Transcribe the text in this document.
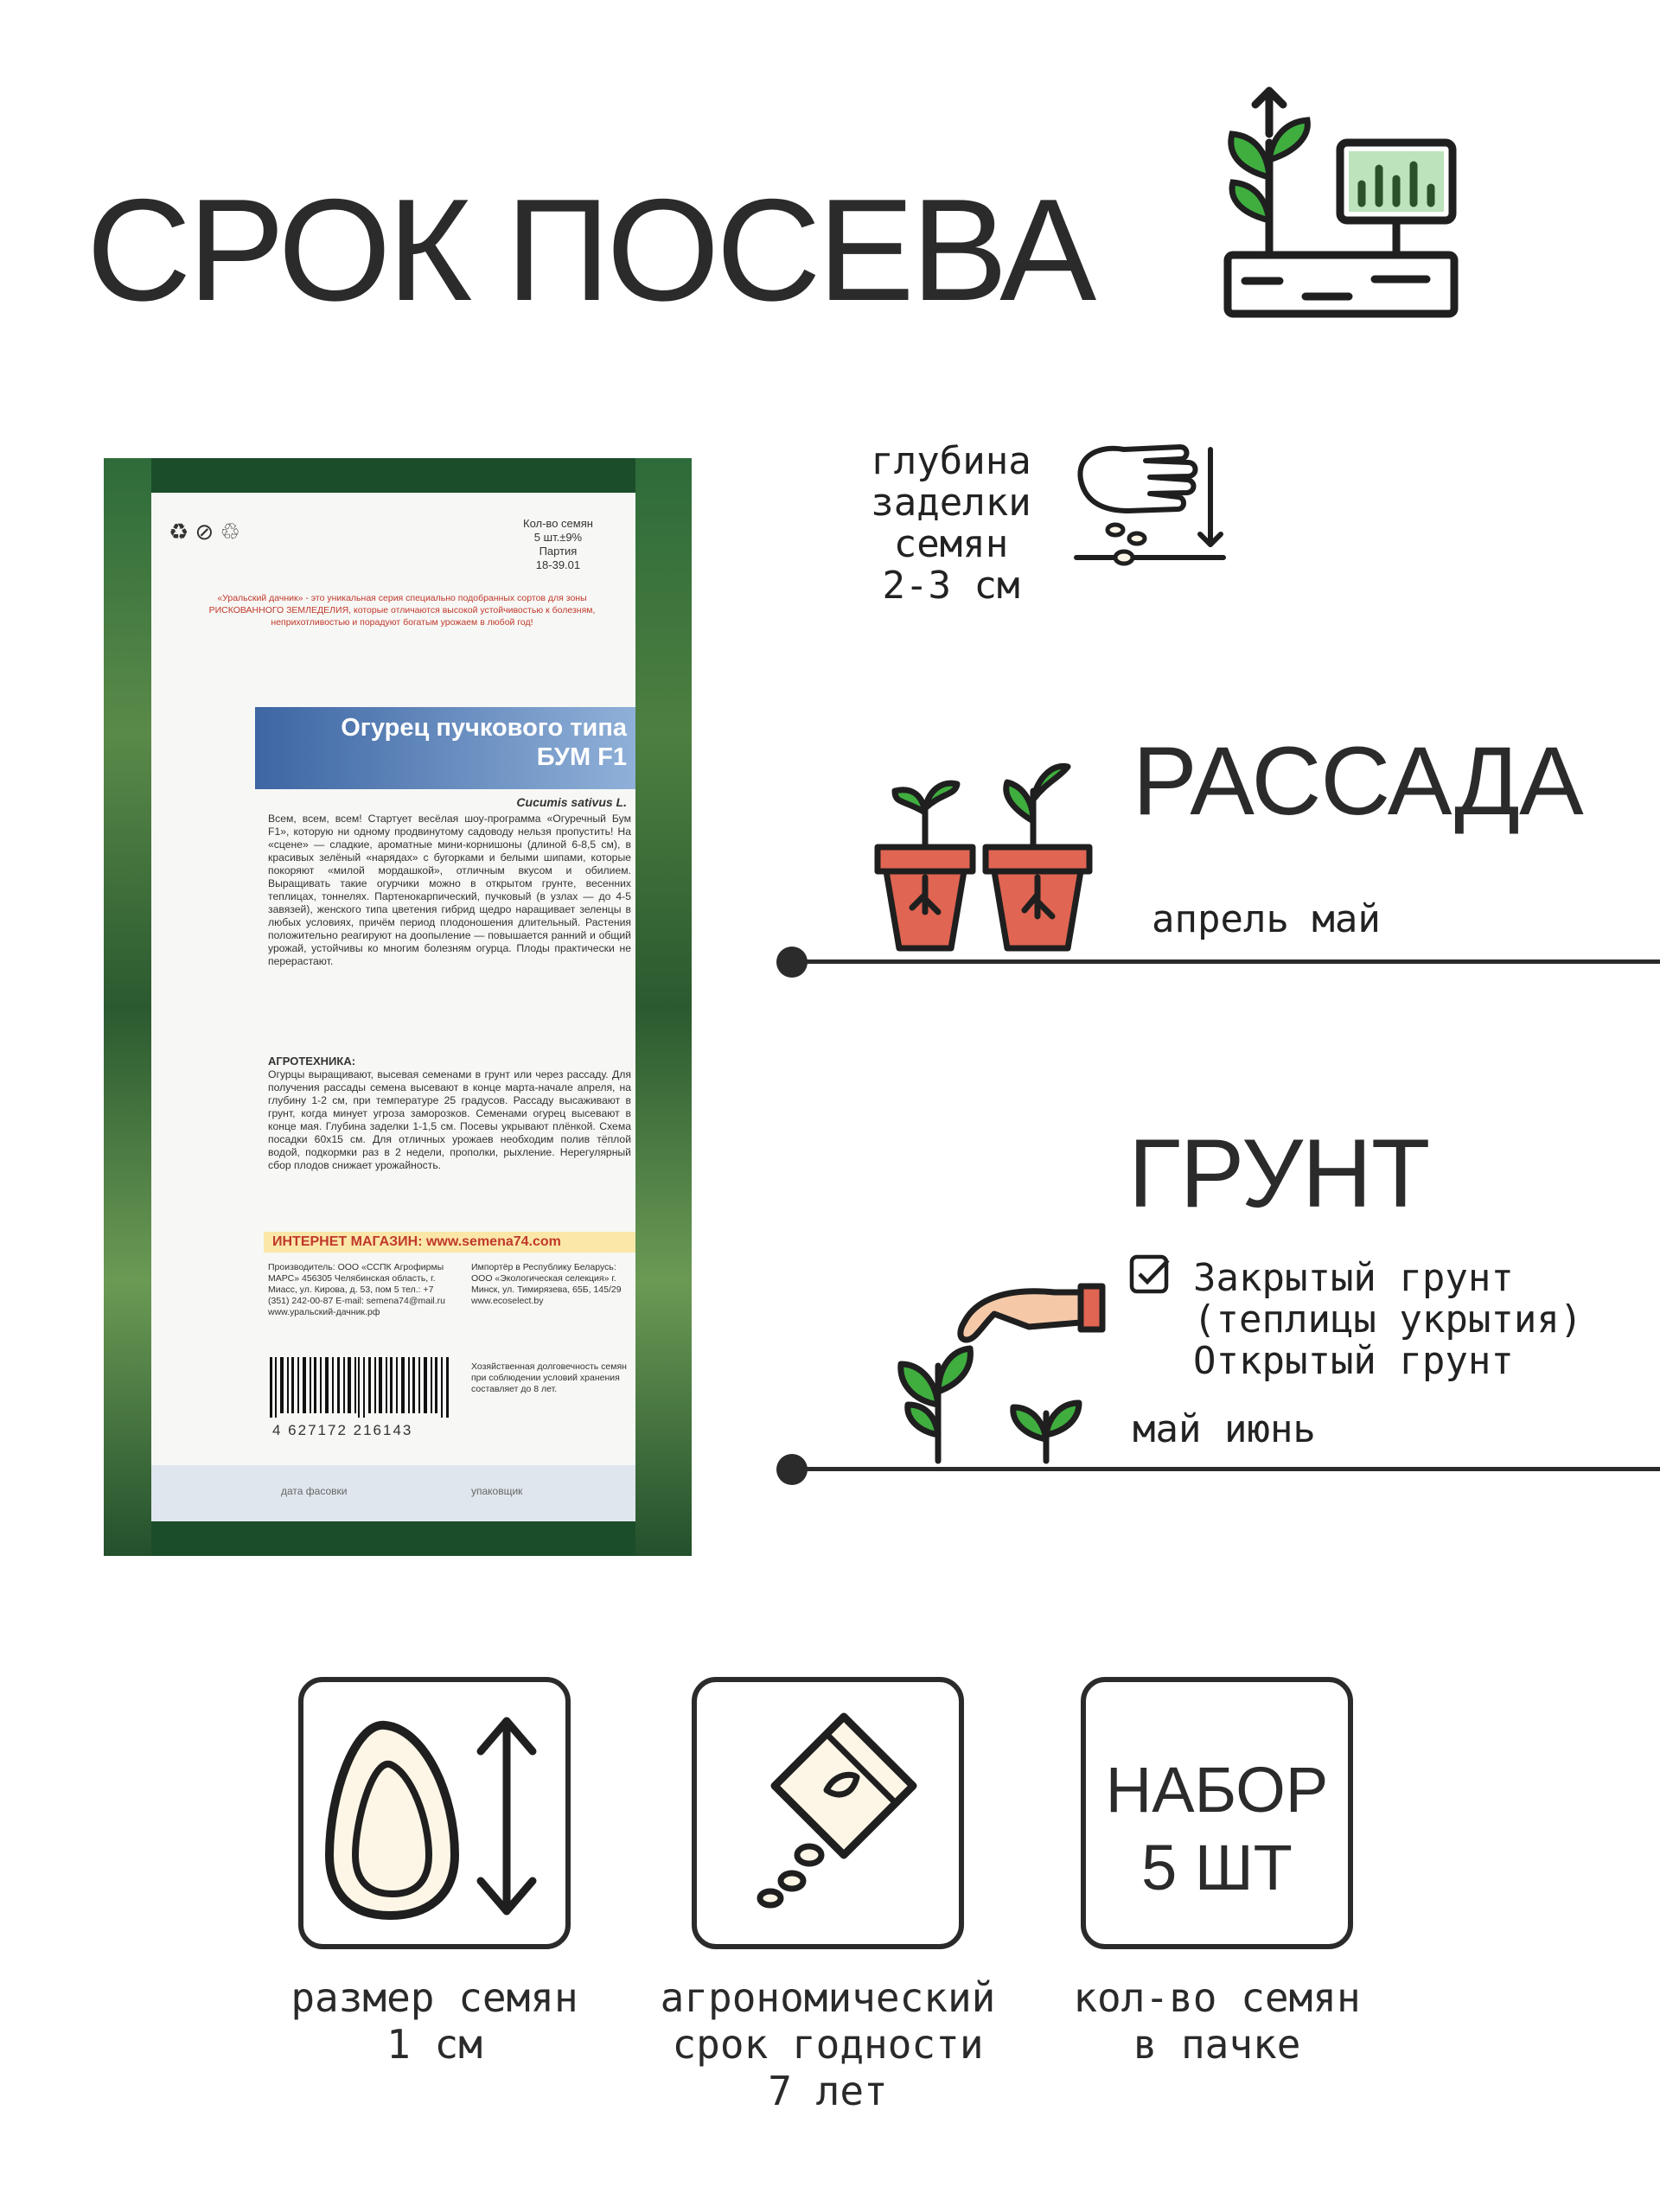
СРОК ПОСЕВА
♻ ⊘ ♲	Кол-во семян
5 шт.±9%
Партия
18-39.01
«Уральский дачник» - это уникальная серия специально подобранных сортов для зоны РИСКОВАННОГО ЗЕМЛЕДЕЛИЯ, которые отличаются высокой устойчивостью к болезням, неприхотливостью и порадуют богатым урожаем в любой год!
Огурец пучкового типа
БУМ F1
Cucumis sativus L.
Всем, всем, всем! Стартует весёлая шоу-программа «Огуречный Бум F1», которую ни одному продвинутому садоводу нельзя пропустить! На «сцене» — сладкие, ароматные мини-корнишоны (длиной 6-8,5 см), в красивых зелёный «нарядах» с бугорками и белыми шипами, которые покоряют «милой мордашкой», отличным вкусом и обилием. Выращивать такие огурчики можно в открытом грунте, весенних теплицах, тоннелях. Партенокарпический, пучковый (в узлах — до 4-5 завязей), женского типа цветения гибрид щедро наращивает зеленцы в любых условиях, причём период плодоношения длительный. Растения положительно реагируют на доопыление — повышается ранний и общий урожай, устойчивы ко многим болезням огурца. Плоды практически не перерастают.
АГРОТЕХНИКА:
Огурцы выращивают, высевая семенами в грунт или через рассаду. Для получения рассады семена высевают в конце марта-начале апреля, на глубину 1-2 см, при температуре 25 градусов. Рассаду высаживают в грунт, когда минует угроза заморозков. Семенами огурец высевают в конце мая. Глубина заделки 1-1,5 см. Посевы укрывают плёнкой. Схема посадки 60х15 см. Для отличных урожаев необходим полив тёплой водой, подкормки раз в 2 недели, прополки, рыхление. Нерегулярный сбор плодов снижает урожайность.
ИНТЕРНЕТ МАГАЗИН: www.semena74.com
Производитель: ООО «ССПК Агрофирмы МАРС» 456305 Челябинская область, г. Миасс, ул. Кирова, д. 53, пом 5 тел.: +7 (351) 242-00-87 E-mail: semena74@mail.ru www.уральский-дачник.рф
Импортёр в Республику Беларусь: ООО «Экологическая селекция» г. Минск, ул. Тимирязева, 65Б, 145/29 www.ecoselect.by
4 627172 216143
Хозяйственная долговечность семян при соблюдении условий хранения составляет до 8 лет.
дата фасовки	упаковщик
глубина
заделки
семян
2-3 см
РАССАДА
апрель май
ГРУНТ
Закрытый грунт
(теплицы укрытия)
Открытый грунт
май июнь
размер семян
1 см
агрономический
срок годности
7 лет
НАБОР
5 ШТ
кол-во семян
в пачке
